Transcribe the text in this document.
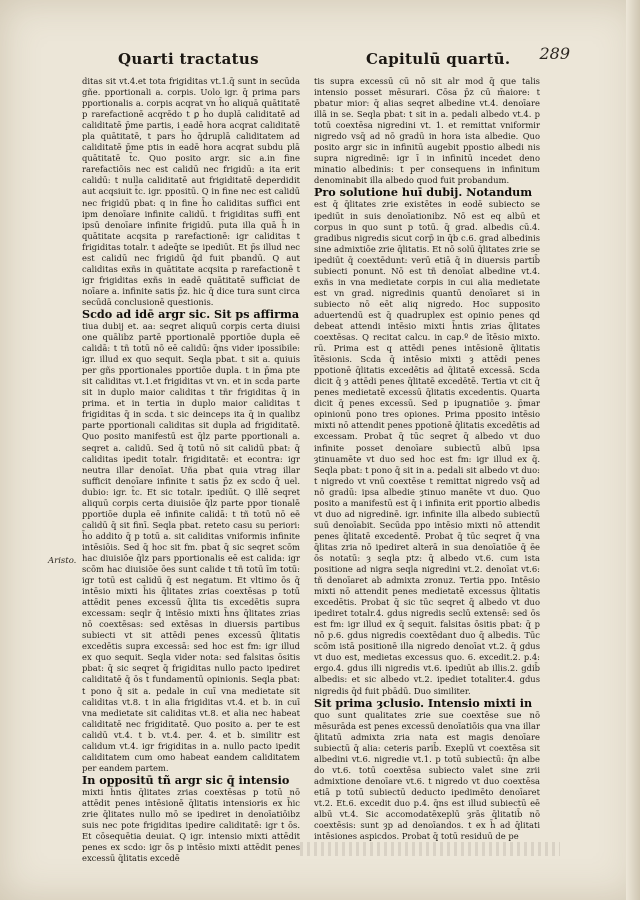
Quarti tractatus	Capitulū quartū. 289
Aristo.

ditas sit vt.4.et tota frigiditas vt.1.q̄ sunt in secūda gñe. pportionali a. corpis. Uolo igr. q̄ prima pars pportionalis a. corpis acqrat vn h̄o aliquā quātitatē p rarefactionē acqrēdo t ꝑ h̄o duplā caliditatē ad caliditatē p̄me partis, i eadē hora acqrat caliditatē pla quātitatē, t pars h̄o q̄druplā caliditatem ad caliditatē p̄me ptis in eadē hora acqrat subdu plā quātitatē t̄c. Quo posito argr. sic a.in fine rarefactiōis nec est calidū nec frigidū: a ita erit calidū: t nulla caliditatē aut frigiditatē deperdidit aut acqsiuit t̄c. igr. ppositū. Q in fine nec est calidū nec frigidū pbat: q in fine h̄o caliditas suffici ent ipm denoīare infinite calidū. t frigiditas suffi ent ipsū denoīare infinite frigidū. puta illa quā h̄ in quātitate acqsita p rarefactionē: igr caliditas t frigiditas totalr. t adeq̄te se ipediūt. Et p̄s illud nec est calidū nec frigidū q̄d fuit pbandū. Q aut caliditas exñs in quātitate acqsita p rarefactionē t igr frigiditas exñs in eadē quātitatē sufficiat de noīare a. infinite satis p̄z. hic q̄ dice tura sunt circa secūdā conclusionē questionis.

Scdo ad idē argr sic. Sit ps affirma

tiua dubij et. aa: seqret aliquū corpis certa diuisi one quālibz partē pportionalē pportiōe dupla eē calidā: t tñ totū nō eē calidū: q̄ns vider ipossibile: igr. illud ex quo sequit. Seqla pbat. t sit a. quiuis per gñs pportionales pportiōe dupla. t in p̄ma pte sit caliditas vt.1.et frigiditas vt vn. et in scda parte sit in duplo maior caliditas t tñr frigiditas q̄ in prima. et in tertia in duplo maior caliditas t frigiditas q̄ in scda. t sic deinceps ita q̄ in qualibz parte pportionali caliditas sit dupla ad frigiditatē. Quo posito manifestū est q̄lz parte pportionali a. seqret a. calidū. Sed q̄ totū nō sit calidū pbat: q̄ caliditas ipedit totalr. frigiditatē: et econtra: igr neutra illar denoīat. Uña pbat quia vtrag illar sufficit denoīare infinite t satis p̄z ex scdo q̄ uel. dubio: igr. t̄c. Et sic totalr. ipediūt. Q illē seqret aliquū corpis certa diuisiōe q̄lz parte ppor tionalē pportiōe dupla eē infinite calidā: t tñ totū nō eē calidū q̄ sit finī. Seqla pbat. reteto casu su periori: h̄o addito q̄ p totū a. sit caliditas vniformis infinite intēsiōis. Sed q̄ hoc sit fm. pbat q̄ sic seqret scōm hac diuisiōe q̄lz pars pportionalis eē est calida: igr scōm hac diuisiōe ōes sunt calide t tñ totū īm totū: igr totū est calidū q̄ est negatum. Et vltimo ōs q̄ intēsio mixti h̄is q̄litates zrias coextēsas p totū attēdit penes excessū q̄lita tis excedētis supra excessam: seqlr q̄ intēsio mixti h̄ns q̄litates zrias nō coextēsas: sed extēsas in diuersis partibus subiecti vt sit attēdi penes excessū q̄litatis excedētis supra excessā: sed hoc est fm: igr illud ex quo sequit. Seqla vider nota: sed falsitas ōsitis pbat: q̄ sic seqret q̄ frigiditas nullo pacto ipediret caliditatē q̄ ōs t̄ fundamentū opinionis. Seqla pbat: t pono q̄ sit a. pedale in cuī vna medietate sit caliditas vt.8. t in alia frigiditas vt.4. et b. in cuī vna medietate sit caliditas vt.8. et alia nec habeat caliditatē nec frigiditatē. Quo posito a. per te est calidū vt.4. t b. vt.4. per. 4. et b. similitr est calidum vt.4. igr frigiditas in a. nullo pacto ipedit caliditatem cum omo habeat eandem caliditatem per eandem partem.

In oppositū tñ argr sic q̄ intensio

mixti h̄ntis q̄litates zrias coextēsas p totū nō attēdit penes intēsionē q̄litatis intensioris ex h̄ic zrie q̄litates nullo mō se ipediret in denoīatiōibz suis nec pote frigiditas ipedire caliditatē: igr t ōs. Et cōsequētia deuiat. Q igr. intensio mixti attēdit penes ex scdo: igr ōs p intēsio mixti attēdit penes excessū q̄litatis excedē

tis supra excessū cū nō sit alr mod q̄ que talis intensio posset mēsurari. Cōsa p̄z cū m̄aiore: t pbatur mior: q̄ alias seqret albedine vt.4. denoīare illā in se. Seqla pbat: t sit in a. pedali albedo vt.4. p totū coextēsa nigredini vt. 1. et remittat vniformir nigredo vsq̄ ad nō gradū in hora ista albedie. Quo posito argr sic in infinitū augebit ppostio albedi nis supra nigredinē: igr ī in infinitū incedet deno minatio albedinis: t per consequens in infinitum denominabit illa albedo quod fuit probandum.

Pro solutione huī dubij. Notandum

est q̄ q̄litates zrie existētes in eodē subiecto se ipediūt in suis denoīationibz. Nō est eq albū et corpus in quo sunt p totū. q̄ grad. albedis cū.4. gradibus nigredis sicut corp̄ in q̄b c.6. grad albedinis sine admixtiōe zrie q̄litatis. Et nō solū q̄litates zrie se ipediūt q̄ coextēdunt: verū etiā q̄ in diuersis partib̄ subiecti ponunt. Nō est tñ denoīat albedine vt.4. exñs in vna medietate corpis in cui alia medietate est vn grad. nigredinis quantū denoīaret si in subiecto nō eēt aliq nigredo. Hoc supposito aduertendū est q̄ quadruplex est opinio penes qd debeat attendi intēsio mixti h̄ntis zrias q̄litates coextēsas. Q recitat calcu. in cap.º de ītēsio mixto. rū. Prima est q attēdi penes intēsionē q̄litatis ītēsionis. Scda q̄ intēsio mixti ȝ attēdi penes ppotionē q̄litatis excedētis ad q̄litatē excessā. Scda dicit q̄ ȝ attēdi penes q̄litatē excedētē. Tertia vt cit q̄ penes medietatē excessū q̄litatis excedentis. Quarta dicit q̄ penes excessū. Sed p ipugnatiōe ȝ. p̄mar opinionū pono tres opiones. Prima pposito intēsio mixti nō attendit penes ppotionē q̄litatis excedētis ad excessam. Probat q̄ tūc seqret q̄ albedo vt duo infinite posset denoīare subiectū albū ipsa ȝtinuamēte vt duo sed hoc est fm: igr illud ex q̄. Seqla pbat: t pono q̄ sit in a. pedali sit albedo vt duo: t nigredo vt vnū coextēse t remittat nigredo vsq̄ ad nō gradū: ipsa albedie ȝtinuo manēte vt duo. Quo posito a manifestū est q̄ i infinita erit pportio albedis vt duo ad nigredinē. igr. infinite illa albedo subiectū suū denoīabit. Secūda ppo intēsio mixti nō attendit penes q̄litatē excedentē. Probat q̄ tūc seqret q̄ vna q̄litas zria nō ipediret alterā in sua denoīatiōe q̄ ēe ōs notatū: ȝ seqla ptz: q̄ albedo vt.6. cum ista positione ad nigra seqla nigredini vt.2. denoīat vt.6: tñ denoīaret ab admixta zronuz. Tertia ppo. Intēsio mixti nō attendit penes medietatē excessus q̄litatis excedētis. Probat q̄ sic tūc seqret q̄ albedo vt duo ipediret totalr.4. gdus nigredis seclū extensē: sed ōs est fm: igr illud ex q̄ sequit. falsitas ōsitis pbat: q̄ p nō p.6. gdus nigredis coextēdant duo q̄ albedis. Tūc scōm istā positionē illa nigredo denoīat vt.2. q̄ gdus vt duo est, medietas excessus quo. 6. excedit.2. p.4: ergo.4. gdus illi nigredis vt.6. ipediūt ab illis.2. gdib̄ albedis: et sic albedo vt.2. ipediet totaliter.4. gdus nigredis q̄d fuit pbādū. Duo similiter.

Sit prima ȝclusio. Intensio mixti in

quo sunt qualitates zrie sue coextēse sue nō mēsurāda est penes excessū denoīatiōis qua vna illar q̄litatū admixta zria nata est magis denoīare subiectū q̄ alia: ceteris parib̄. Exeplū vt coextēsa sit albedini vt.6. nigredie vt.1. p totū subiectū: q̄n albe do vt.6. totū coextēsa subiecto valet sine zrii admixtione denoīare vt.6. t nigredo vt duo coextēsa etiā p totū subiectū deducto ipedimēto denoīaret vt.2. Et.6. excedit duo p.4. q̄ns est illud subiectū eē albū vt.4. Sic accomodatēxeplū ȝrās q̄litatib̄ nō coextēsis: sunt ȝp ad denoīandos. t ex h̄ ad q̄litati intēsiones aspicdos. Probat q̄ totū residuū de pe
